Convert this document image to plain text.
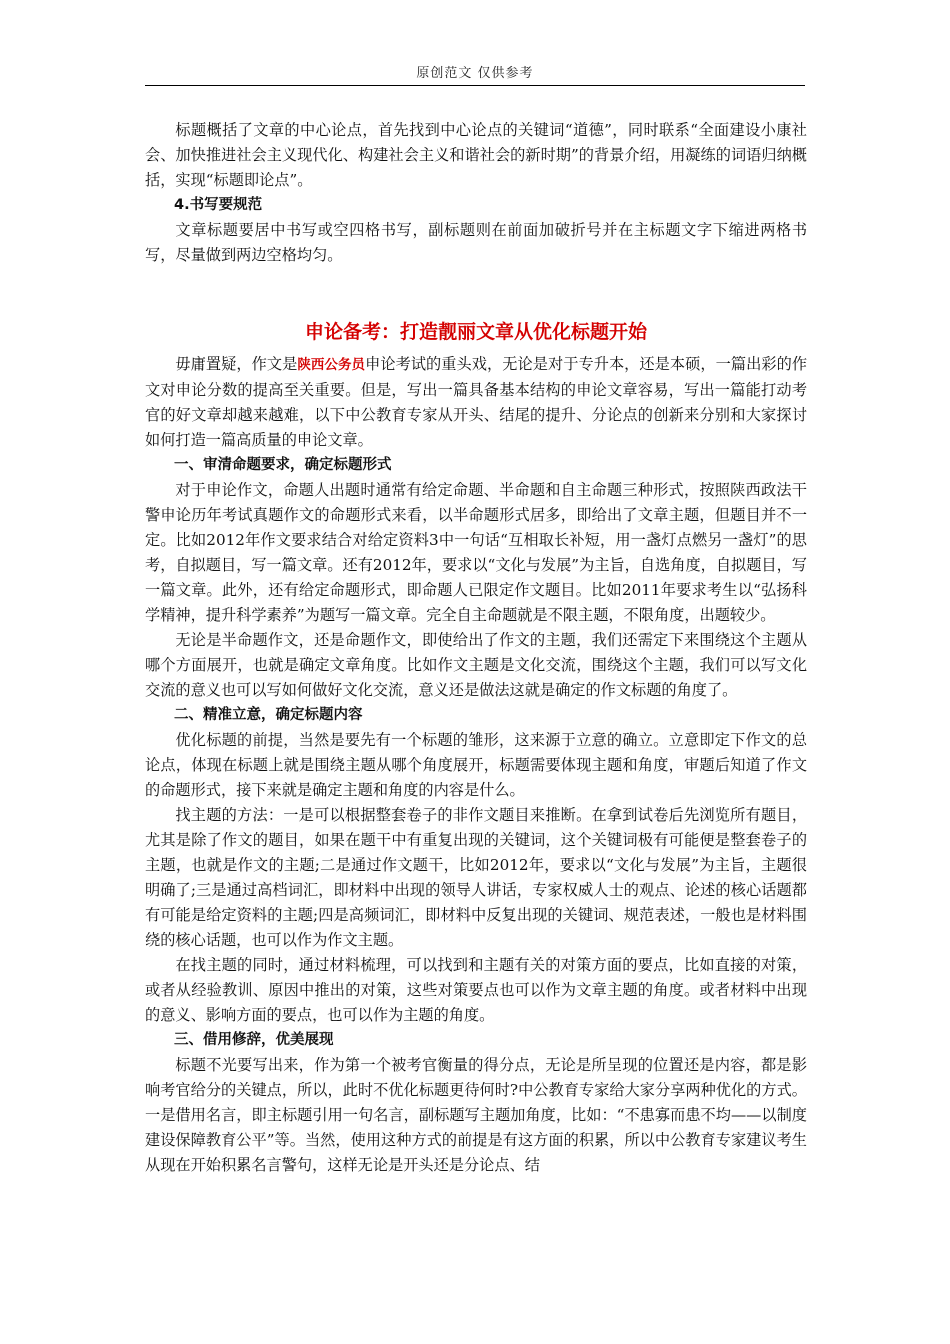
原创范文 仅供参考

标题概括了文章的中心论点，首先找到中心论点的关键词“道德”，同时联系“全面建设小康社会、加快推进社会主义现代化、构建社会主义和谐社会的新时期”的背景介绍，用凝练的词语归纳概括，实现“标题即论点”。

4.书写要规范

文章标题要居中书写或空四格书写，副标题则在前面加破折号并在主标题文字下缩进两格书写，尽量做到两边空格均匀。

申论备考：打造靓丽文章从优化标题开始

毋庸置疑，作文是陕西公务员申论考试的重头戏，无论是对于专升本，还是本硕，一篇出彩的作文对申论分数的提高至关重要。但是，写出一篇具备基本结构的申论文章容易，写出一篇能打动考官的好文章却越来越难，以下中公教育专家从开头、结尾的提升、分论点的创新来分别和大家探讨如何打造一篇高质量的申论文章。

一、审清命题要求，确定标题形式

对于申论作文，命题人出题时通常有给定命题、半命题和自主命题三种形式，按照陕西政法干警申论历年考试真题作文的命题形式来看，以半命题形式居多，即给出了文章主题，但题目并不一定。比如2012年作文要求结合对给定资料3中一句话“互相取长补短，用一盏灯点燃另一盏灯”的思考，自拟题目，写一篇文章。还有2012年，要求以“文化与发展”为主旨，自选角度，自拟题目，写一篇文章。此外，还有给定命题形式，即命题人已限定作文题目。比如2011年要求考生以“弘扬科学精神，提升科学素养”为题写一篇文章。完全自主命题就是不限主题，不限角度，出题较少。

无论是半命题作文，还是命题作文，即使给出了作文的主题，我们还需定下来围绕这个主题从哪个方面展开，也就是确定文章角度。比如作文主题是文化交流，围绕这个主题，我们可以写文化交流的意义也可以写如何做好文化交流，意义还是做法这就是确定的作文标题的角度了。

二、精准立意，确定标题内容

优化标题的前提，当然是要先有一个标题的雏形，这来源于立意的确立。立意即定下作文的总论点，体现在标题上就是围绕主题从哪个角度展开，标题需要体现主题和角度，审题后知道了作文的命题形式，接下来就是确定主题和角度的内容是什么。

找主题的方法：一是可以根据整套卷子的非作文题目来推断。在拿到试卷后先浏览所有题目，尤其是除了作文的题目，如果在题干中有重复出现的关键词，这个关键词极有可能便是整套卷子的主题，也就是作文的主题;二是通过作文题干，比如2012年，要求以“文化与发展”为主旨，主题很明确了;三是通过高档词汇，即材料中出现的领导人讲话，专家权威人士的观点、论述的核心话题都有可能是给定资料的主题;四是高频词汇，即材料中反复出现的关键词、规范表述，一般也是材料围绕的核心话题，也可以作为作文主题。

在找主题的同时，通过材料梳理，可以找到和主题有关的对策方面的要点，比如直接的对策，或者从经验教训、原因中推出的对策，这些对策要点也可以作为文章主题的角度。或者材料中出现的意义、影响方面的要点，也可以作为主题的角度。

三、借用修辞，优美展现

标题不光要写出来，作为第一个被考官衡量的得分点，无论是所呈现的位置还是内容，都是影响考官给分的关键点，所以，此时不优化标题更待何时?中公教育专家给大家分享两种优化的方式。一是借用名言，即主标题引用一句名言，副标题写主题加角度，比如：“不患寡而患不均——以制度建设保障教育公平”等。当然，使用这种方式的前提是有这方面的积累，所以中公教育专家建议考生从现在开始积累名言警句，这样无论是开头还是分论点、结
